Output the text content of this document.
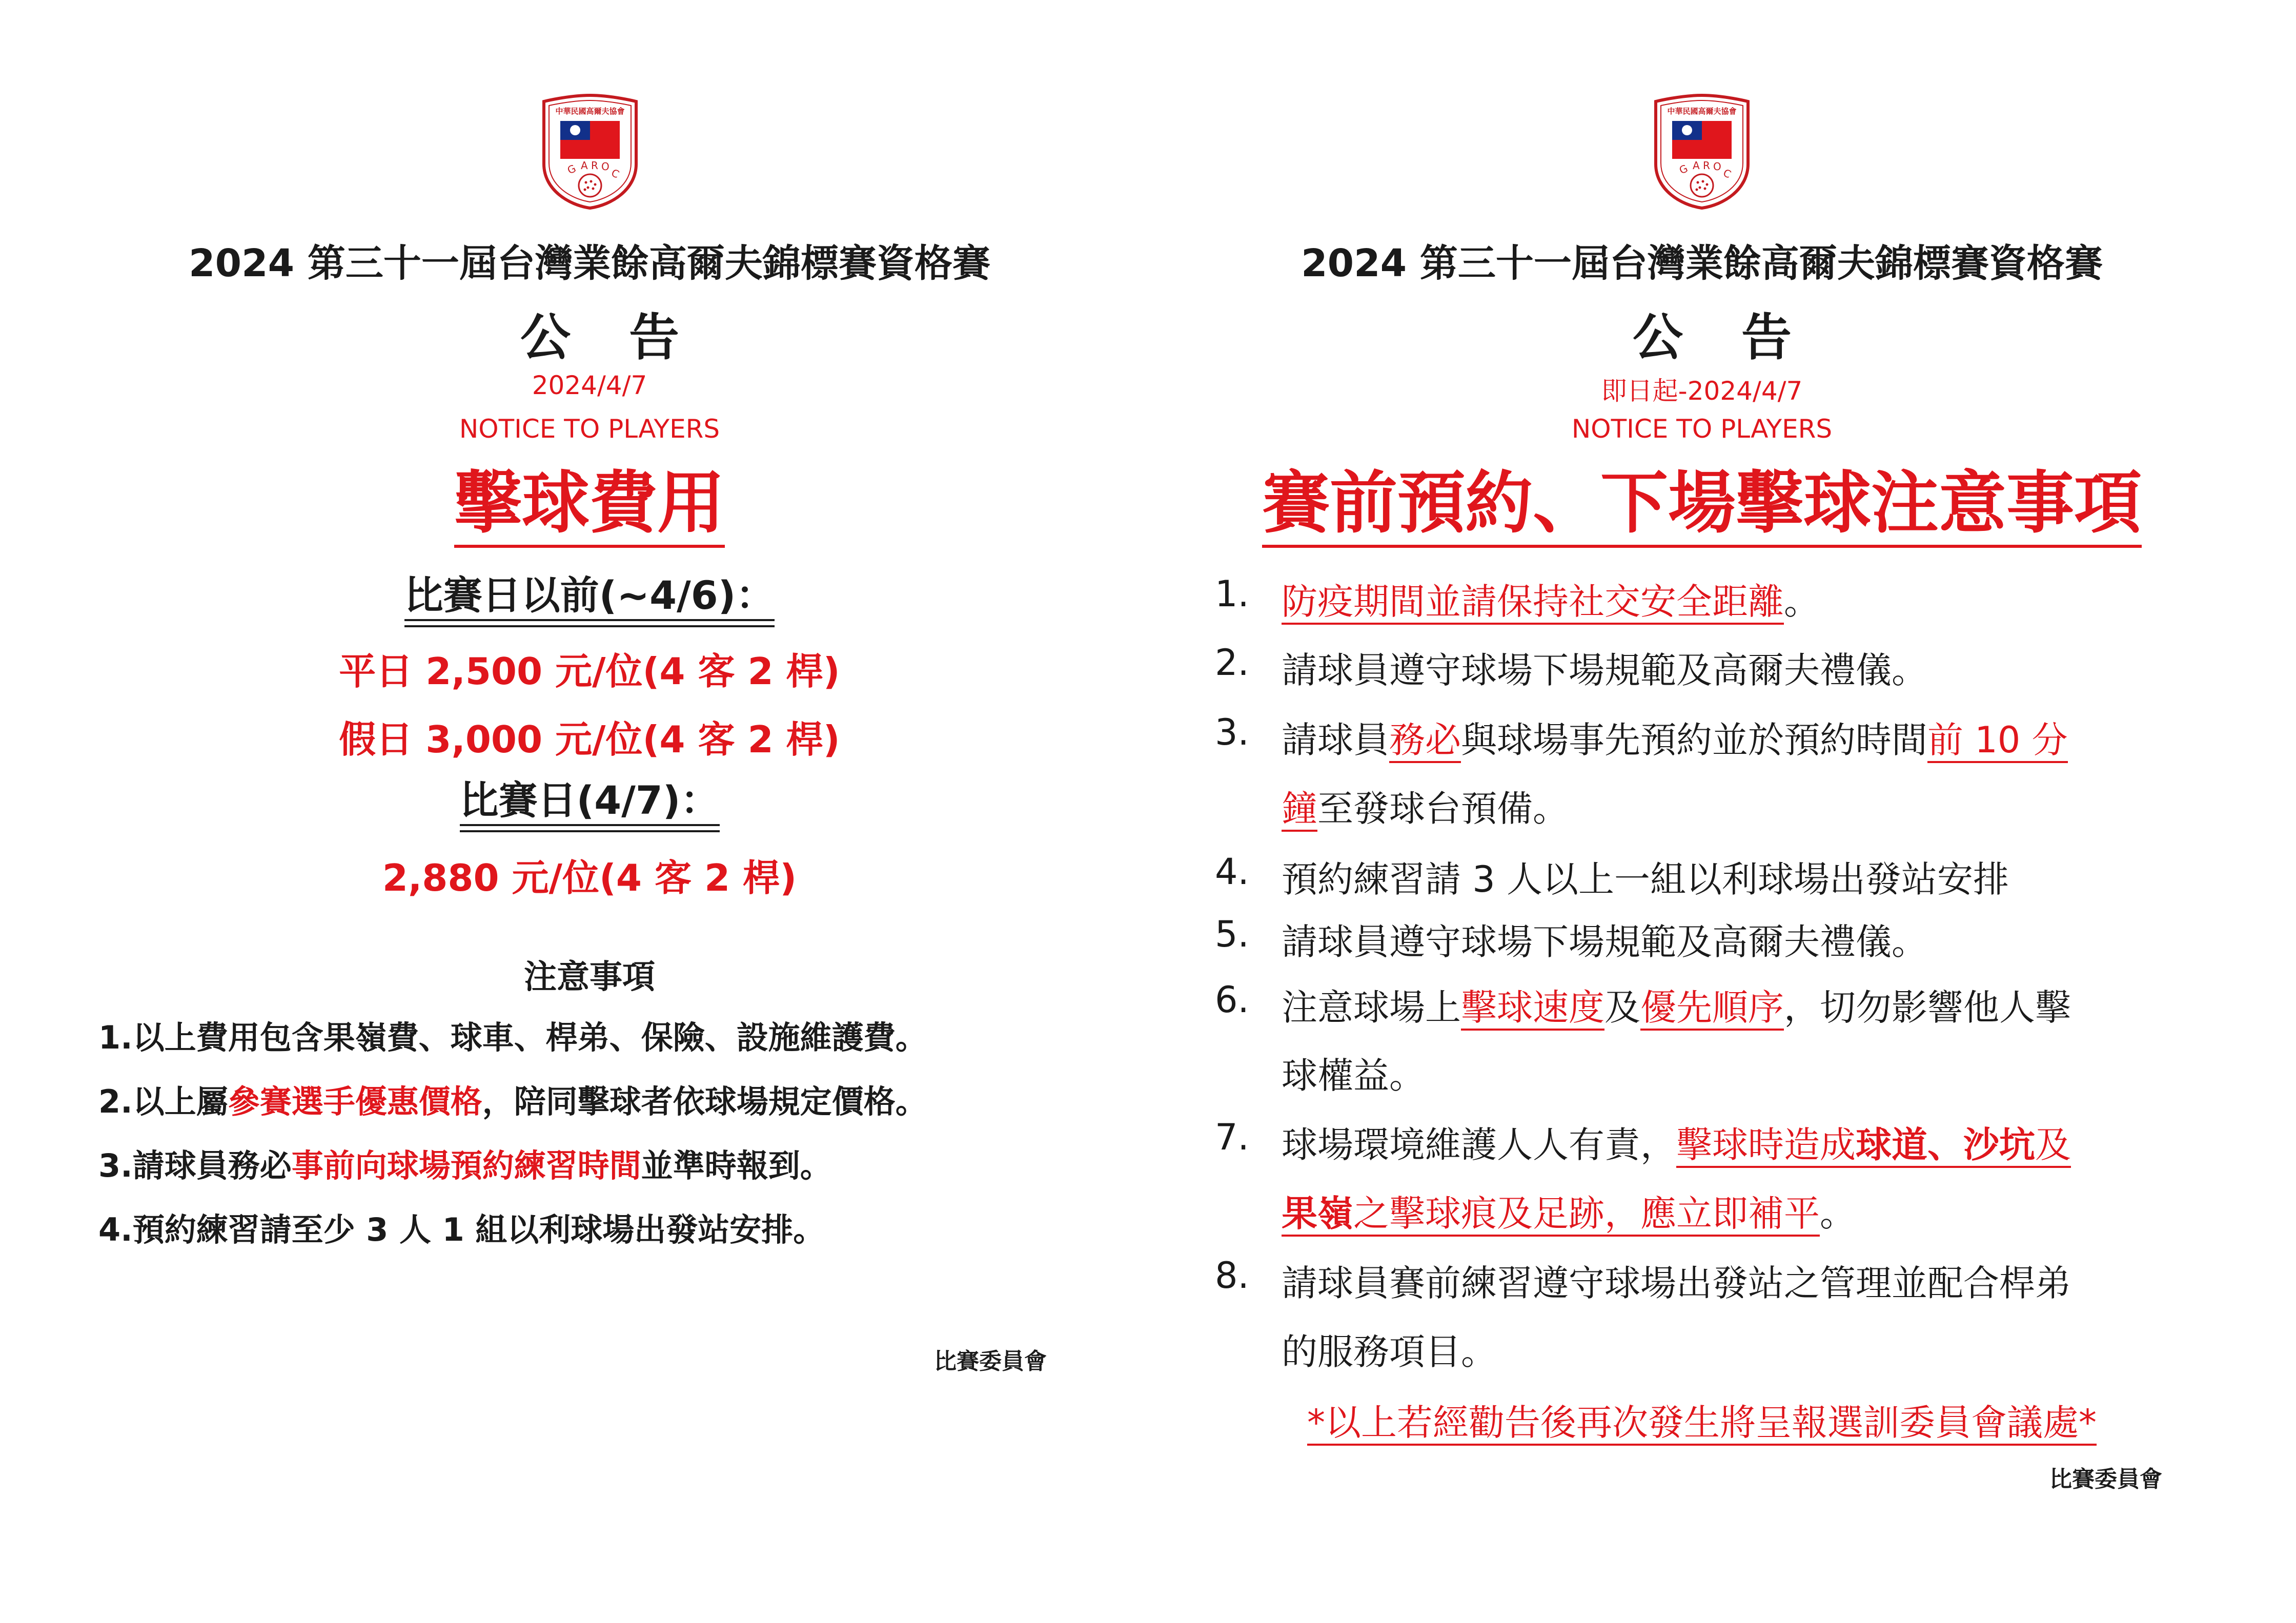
中華民國高爾夫協會
G A R O C
2024 第三十一屆台灣業餘高爾夫錦標賽資格賽
公 告
2024/4/7
NOTICE TO PLAYERS
擊球費用
比賽日以前(~4/6)：
平日 2,500 元/位(4 客 2 桿)
假日 3,000 元/位(4 客 2 桿)
比賽日(4/7)：
2,880 元/位(4 客 2 桿)
注意事項
1.以上費用包含果嶺費、球車、桿弟、保險、設施維護費。
2.以上屬參賽選手優惠價格，陪同擊球者依球場規定價格。
3.請球員務必事前向球場預約練習時間並準時報到。
4.預約練習請至少 3 人 1 組以利球場出發站安排。
比賽委員會
中華民國高爾夫協會
G A R O C
2024 第三十一屆台灣業餘高爾夫錦標賽資格賽
公 告
即日起-2024/4/7
NOTICE TO PLAYERS
賽前預約、下場擊球注意事項
1. 防疫期間並請保持社交安全距離。
2. 請球員遵守球場下場規範及高爾夫禮儀。
3. 請球員務必與球場事先預約並於預約時間前 10 分
鐘至發球台預備。
4. 預約練習請 3 人以上一組以利球場出發站安排
5. 請球員遵守球場下場規範及高爾夫禮儀。
6. 注意球場上擊球速度及優先順序，切勿影響他人擊
球權益。
7. 球場環境維護人人有責，擊球時造成球道、沙坑及
果嶺之擊球痕及足跡，應立即補平。
8. 請球員賽前練習遵守球場出發站之管理並配合桿弟
的服務項目。
*以上若經勸告後再次發生將呈報選訓委員會議處*
比賽委員會
